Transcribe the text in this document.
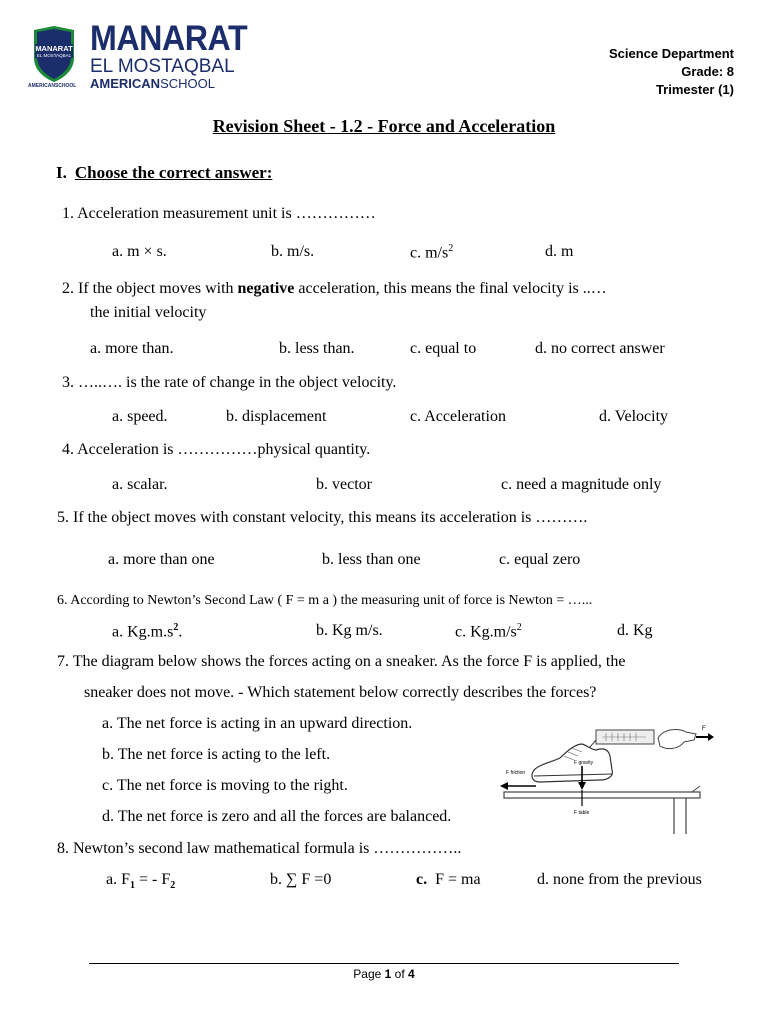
MANARAT
EL MOSTAQBAL
AMERICANSCHOOL
MANARAT
EL MOSTAQBAL
AMERICANSCHOOL
Science Department
Grade: 8
Trimester (1)
Revision Sheet - 1.2 - Force and Acceleration
I. Choose the correct answer:
1. Acceleration measurement unit is ……………
a. m × s.	b. m/s.	c. $m/s^2$	d. m
2. If the object moves with negative acceleration, this means the final velocity is ..…
the initial velocity
a. more than.	b. less than.	c. equal to	d. no correct answer
3. …..…. is the rate of change in the object velocity.
a. speed.	b. displacement	c. Acceleration	d. Velocity
4. Acceleration is ……………physical quantity.
a. scalar.	b. vector	c. need a magnitude only
5. If the object moves with constant velocity, this means its acceleration is ……….
a. more than one	b. less than one	c. equal zero
6. According to Newton’s Second Law ( F = m a ) the measuring unit of force is Newton = …...
a. $Kg.m.s^2$.	b. Kg m/s.	c. $Kg.m/s^2$	d. Kg
7. The diagram below shows the forces acting on a sneaker. As the force F is applied, the
sneaker does not move. - Which statement below correctly describes the forces?
a. The net force is acting in an upward direction.
b. The net force is acting to the left.
c. The net force is moving to the right.
d. The net force is zero and all the forces are balanced.
F
F gravity
F friction
F table
8. Newton’s second law mathematical formula is ……………..
a. $F_1$ = - $F_2$	b. ∑ F =0	c. F = ma	d. none from the previous
Page 1 of 4
